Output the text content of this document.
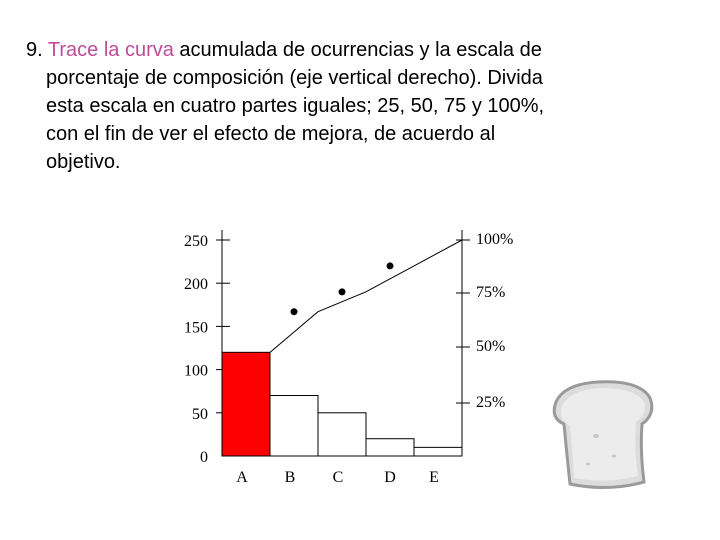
9. Trace la curva acumulada de ocurrencias y la escala de
porcentaje de composición (eje vertical derecho). Divida
esta escala en cuatro partes iguales; 25, 50, 75 y 100%,
con el fin de ver el efecto de mejora, de acuerdo al
objetivo.
0
50
100
150
200
250
25%
50%
75%
100%
A B C	D E
